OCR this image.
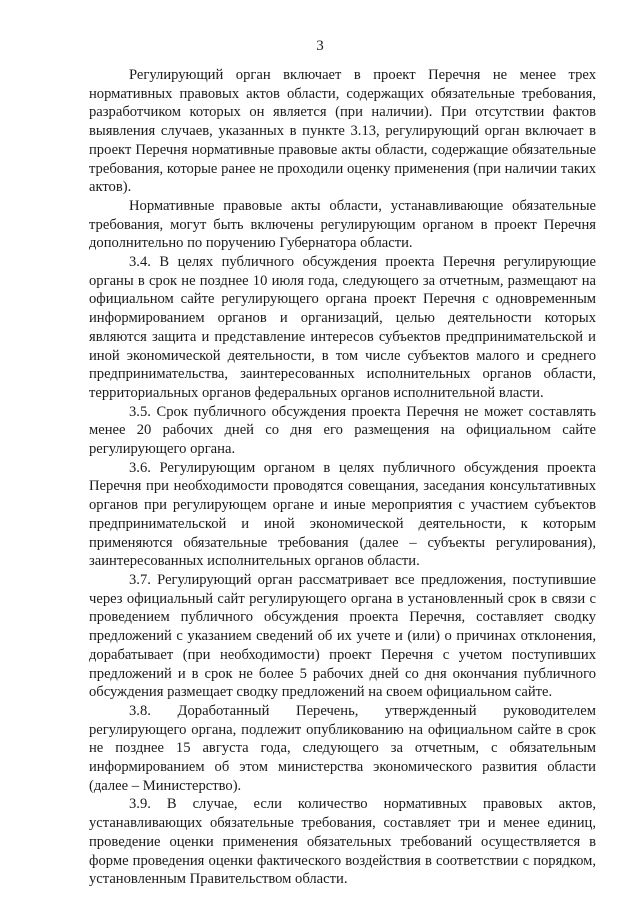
3

Регулирующий орган включает в проект Перечня не менее трех нормативных правовых актов области, содержащих обязательные требования, разработчиком которых он является (при наличии). При отсутствии фактов выявления случаев, указанных в пункте 3.13, регулирующий орган включает в проект Перечня нормативные правовые акты области, содержащие обязательные требования, которые ранее не проходили оценку применения (при наличии таких актов).

Нормативные правовые акты области, устанавливающие обязательные требования, могут быть включены регулирующим органом в проект Перечня дополнительно по поручению Губернатора области.

3.4. В целях публичного обсуждения проекта Перечня регулирующие органы в срок не позднее 10 июля года, следующего за отчетным, размещают на официальном сайте регулирующего органа проект Перечня с одновременным информированием органов и организаций, целью деятельности которых являются защита и представление интересов субъектов предпринимательской и иной экономической деятельности, в том числе субъектов малого и среднего предпринимательства, заинтересованных исполнительных органов области, территориальных органов федеральных органов исполнительной власти.

3.5. Срок публичного обсуждения проекта Перечня не может составлять менее 20 рабочих дней со дня его размещения на официальном сайте регулирующего органа.

3.6. Регулирующим органом в целях публичного обсуждения проекта Перечня при необходимости проводятся совещания, заседания консультативных органов при регулирующем органе и иные мероприятия с участием субъектов предпринимательской и иной экономической деятельности, к которым применяются обязательные требования (далее – субъекты регулирования), заинтересованных исполнительных органов области.

3.7. Регулирующий орган рассматривает все предложения, поступившие через официальный сайт регулирующего органа в установленный срок в связи с проведением публичного обсуждения проекта Перечня, составляет сводку предложений с указанием сведений об их учете и (или) о причинах отклонения, дорабатывает (при необходимости) проект Перечня с учетом поступивших предложений и в срок не более 5 рабочих дней со дня окончания публичного обсуждения размещает сводку предложений на своем официальном сайте.

3.8. Доработанный Перечень, утвержденный руководителем регулирующего органа, подлежит опубликованию на официальном сайте в срок не позднее 15 августа года, следующего за отчетным, с обязательным информированием об этом министерства экономического развития области (далее – Министерство).

3.9. В случае, если количество нормативных правовых актов, устанавливающих обязательные требования, составляет три и менее единиц, проведение оценки применения обязательных требований осуществляется в форме проведения оценки фактического воздействия в соответствии с порядком, установленным Правительством области.
